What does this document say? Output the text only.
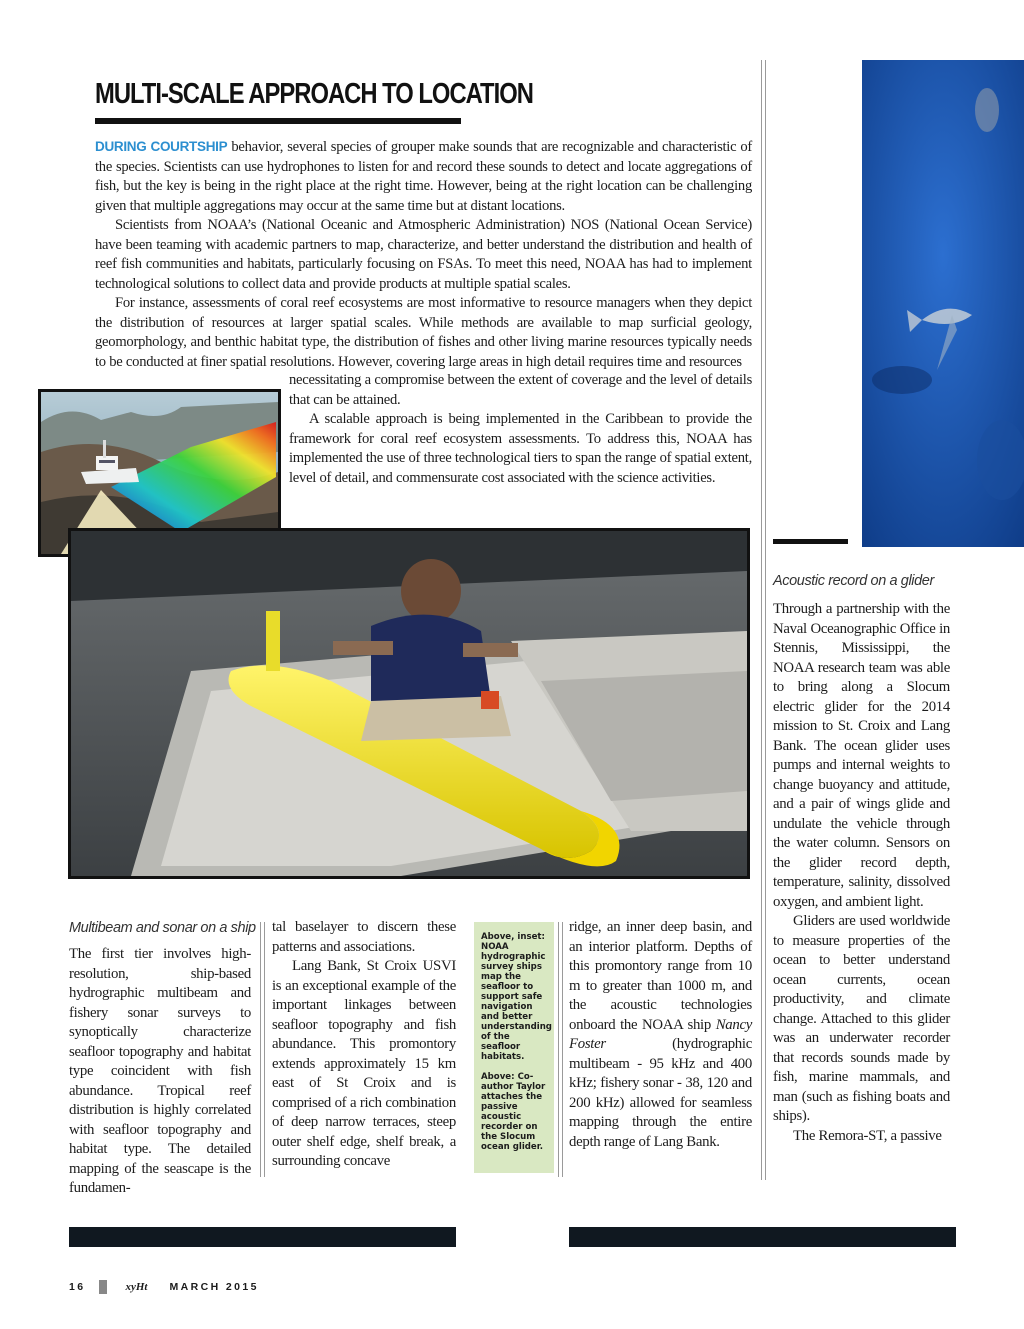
MULTI-SCALE APPROACH TO LOCATION

DURING COURTSHIP behavior, several species of grouper make sounds that are recognizable and characteristic of the species. Scientists can use hydrophones to listen for and record these sounds to detect and locate aggregations of fish, but the key is being in the right place at the right time. However, being at the right location can be challenging given that multiple aggregations may occur at the same time but at distant locations.

Scientists from NOAA’s (National Oceanic and Atmospheric Administration) NOS (National Ocean Service) have been teaming with academic partners to map, characterize, and better understand the distribution and health of reef fish communities and habitats, particularly focusing on FSAs. To meet this need, NOAA has had to implement technological solutions to collect data and provide products at multiple spatial scales.

For instance, assessments of coral reef ecosystems are most informative to resource managers when they depict the distribution of resources at larger spatial scales. While methods are available to map surficial geology, geomorphology, and benthic habitat type, the distribution of fishes and other living marine resources typically needs to be conducted at finer spatial resolutions. However, covering large areas in high detail requires time and resources

necessitating a compromise between the extent of coverage and the level of details that can be attained.

A scalable approach is being implemented in the Caribbean to provide the framework for coral reef ecosystem assessments. To address this, NOAA has implemented the use of three technological tiers to span the range of spatial extent, level of detail, and commensurate cost associated with the science activities.

Multibeam and sonar on a ship

The first tier involves high-resolution, ship-based hydrographic multibeam and fishery sonar surveys to synoptically characterize seafloor topography and habitat type coincident with fish abundance. Tropical reef distribution is highly correlated with seafloor topography and habitat type. The detailed mapping of the seascape is the fundamen-

tal baselayer to discern these patterns and associations.

Lang Bank, St Croix USVI is an exceptional example of the important linkages between seafloor topography and fish abundance. This promontory extends approximately 15 km east of St Croix and is comprised of a rich combination of deep narrow terraces, steep outer shelf edge, shelf break, a surrounding concave

ridge, an inner deep basin, and an interior platform. Depths of this promontory range from 10 m to greater than 1000 m, and the acoustic technologies onboard the NOAA ship Nancy Foster (hydrographic multibeam - 95 kHz and 400 kHz; fishery sonar - 38, 120 and 200 kHz) allowed for seamless mapping through the entire depth range of Lang Bank.

Above, inset: NOAA hydrographic survey ships map the seafloor to support safe navigation and better understanding of the seafloor habitats.

Above: Co-author Taylor attaches the passive acoustic recorder on the Slocum ocean glider.

Acoustic record on a glider

Through a partnership with the Naval Oceanographic Office in Stennis, Mississippi, the NOAA research team was able to bring along a Slocum electric glider for the 2014 mission to St. Croix and Lang Bank. The ocean glider uses pumps and internal weights to change buoyancy and attitude, and a pair of wings glide and undulate the vehicle through the water column. Sensors on the glider record depth, temperature, salinity, dissolved oxygen, and ambient light.

Gliders are used worldwide to measure properties of the ocean to better understand ocean currents, ocean productivity, and climate change. Attached to this glider was an underwater recorder that records sounds made by fish, marine mammals, and man (such as fishing boats and ships).

The Remora-ST, a passive

16	xyHt MARCH 2015
